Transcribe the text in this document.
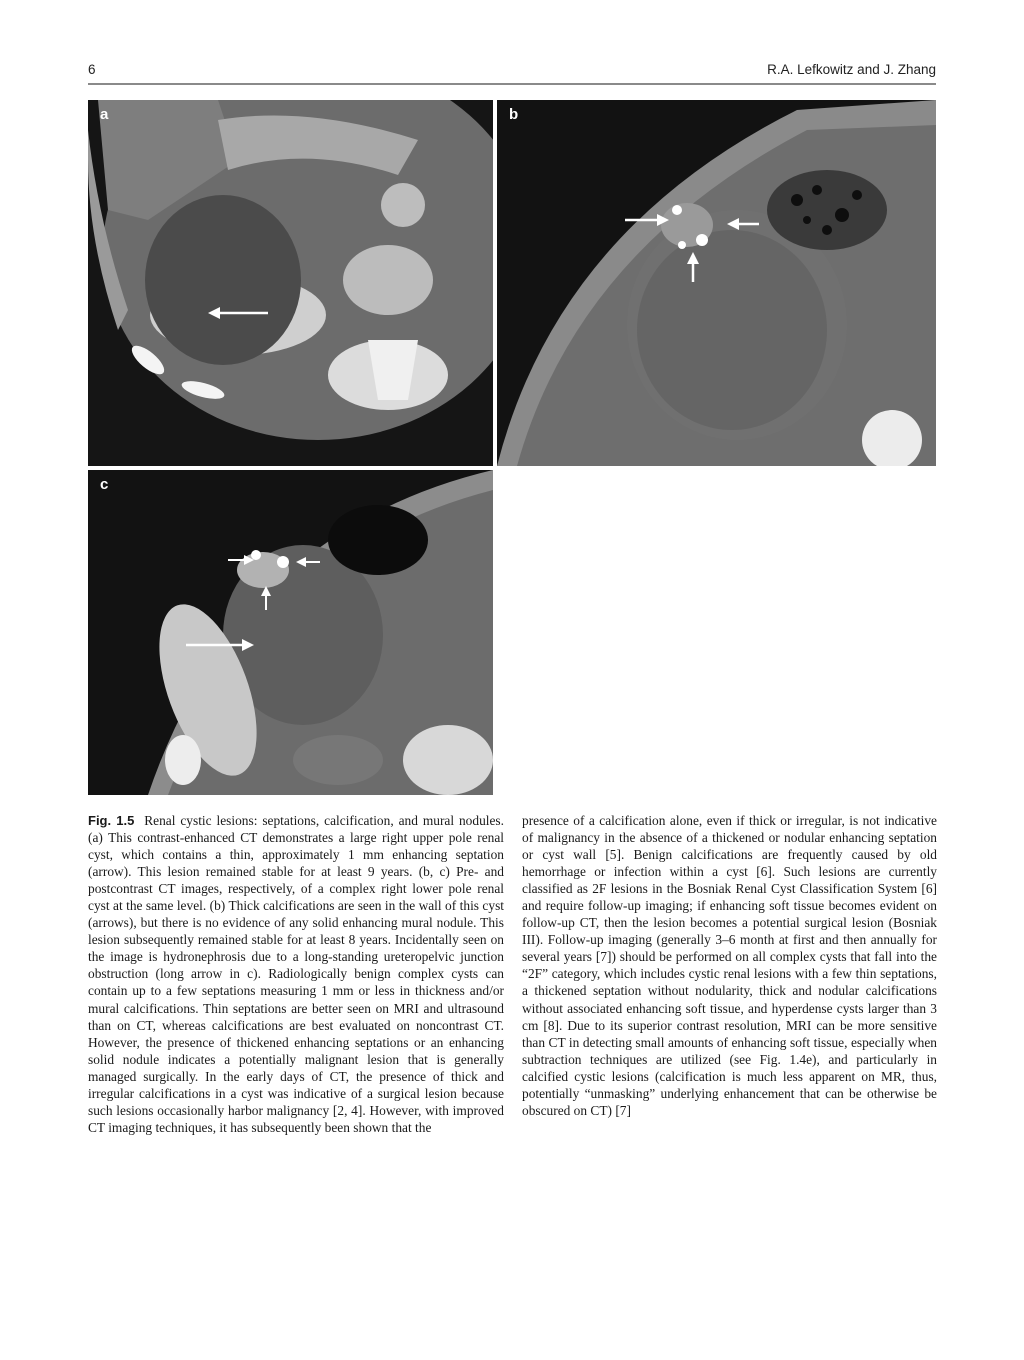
6	R.A. Lefkowitz and J. Zhang
a	b
c
Fig. 1.5 Renal cystic lesions: septations, calcification, and mural nodules. (a) This contrast-enhanced CT demonstrates a large right upper pole renal cyst, which contains a thin, approximately 1 mm enhancing septation (arrow). This lesion remained stable for at least 9 years. (b, c) Pre- and postcontrast CT images, respectively, of a complex right lower pole renal cyst at the same level. (b) Thick calcifications are seen in the wall of this cyst (arrows), but there is no evidence of any solid enhancing mural nodule. This lesion subsequently remained stable for at least 8 years. Incidentally seen on the image is hydronephrosis due to a long-standing ureteropelvic junction obstruction (long arrow in c). Radiologically benign complex cysts can contain up to a few septations measuring 1 mm or less in thickness and/or mural calcifications. Thin septations are better seen on MRI and ultrasound than on CT, whereas calcifications are best evaluated on noncontrast CT. However, the presence of thickened enhancing septations or an enhancing solid nodule indicates a potentially malignant lesion that is generally managed surgically. In the early days of CT, the presence of thick and irregular calcifications in a cyst was indicative of a surgical lesion because such lesions occasionally harbor malignancy [2, 4]. However, with improved CT imaging techniques, it has subsequently been shown that the
presence of a calcification alone, even if thick or irregular, is not indicative of malignancy in the absence of a thickened or nodular enhancing septation or cyst wall [5]. Benign calcifications are frequently caused by old hemorrhage or infection within a cyst [6]. Such lesions are currently classified as 2F lesions in the Bosniak Renal Cyst Classification System [6] and require follow-up imaging; if enhancing soft tissue becomes evident on follow-up CT, then the lesion becomes a potential surgical lesion (Bosniak III). Follow-up imaging (generally 3–6 month at first and then annually for several years [7]) should be performed on all complex cysts that fall into the “2F” category, which includes cystic renal lesions with a few thin septations, a thickened septation without nodularity, thick and nodular calcifications without associated enhancing soft tissue, and hyperdense cysts larger than 3 cm [8]. Due to its superior contrast resolution, MRI can be more sensitive than CT in detecting small amounts of enhancing soft tissue, especially when subtraction techniques are utilized (see Fig. 1.4e), and particularly in calcified cystic lesions (calcification is much less apparent on MR, thus, potentially “unmasking” underlying enhancement that can be otherwise be obscured on CT) [7]
